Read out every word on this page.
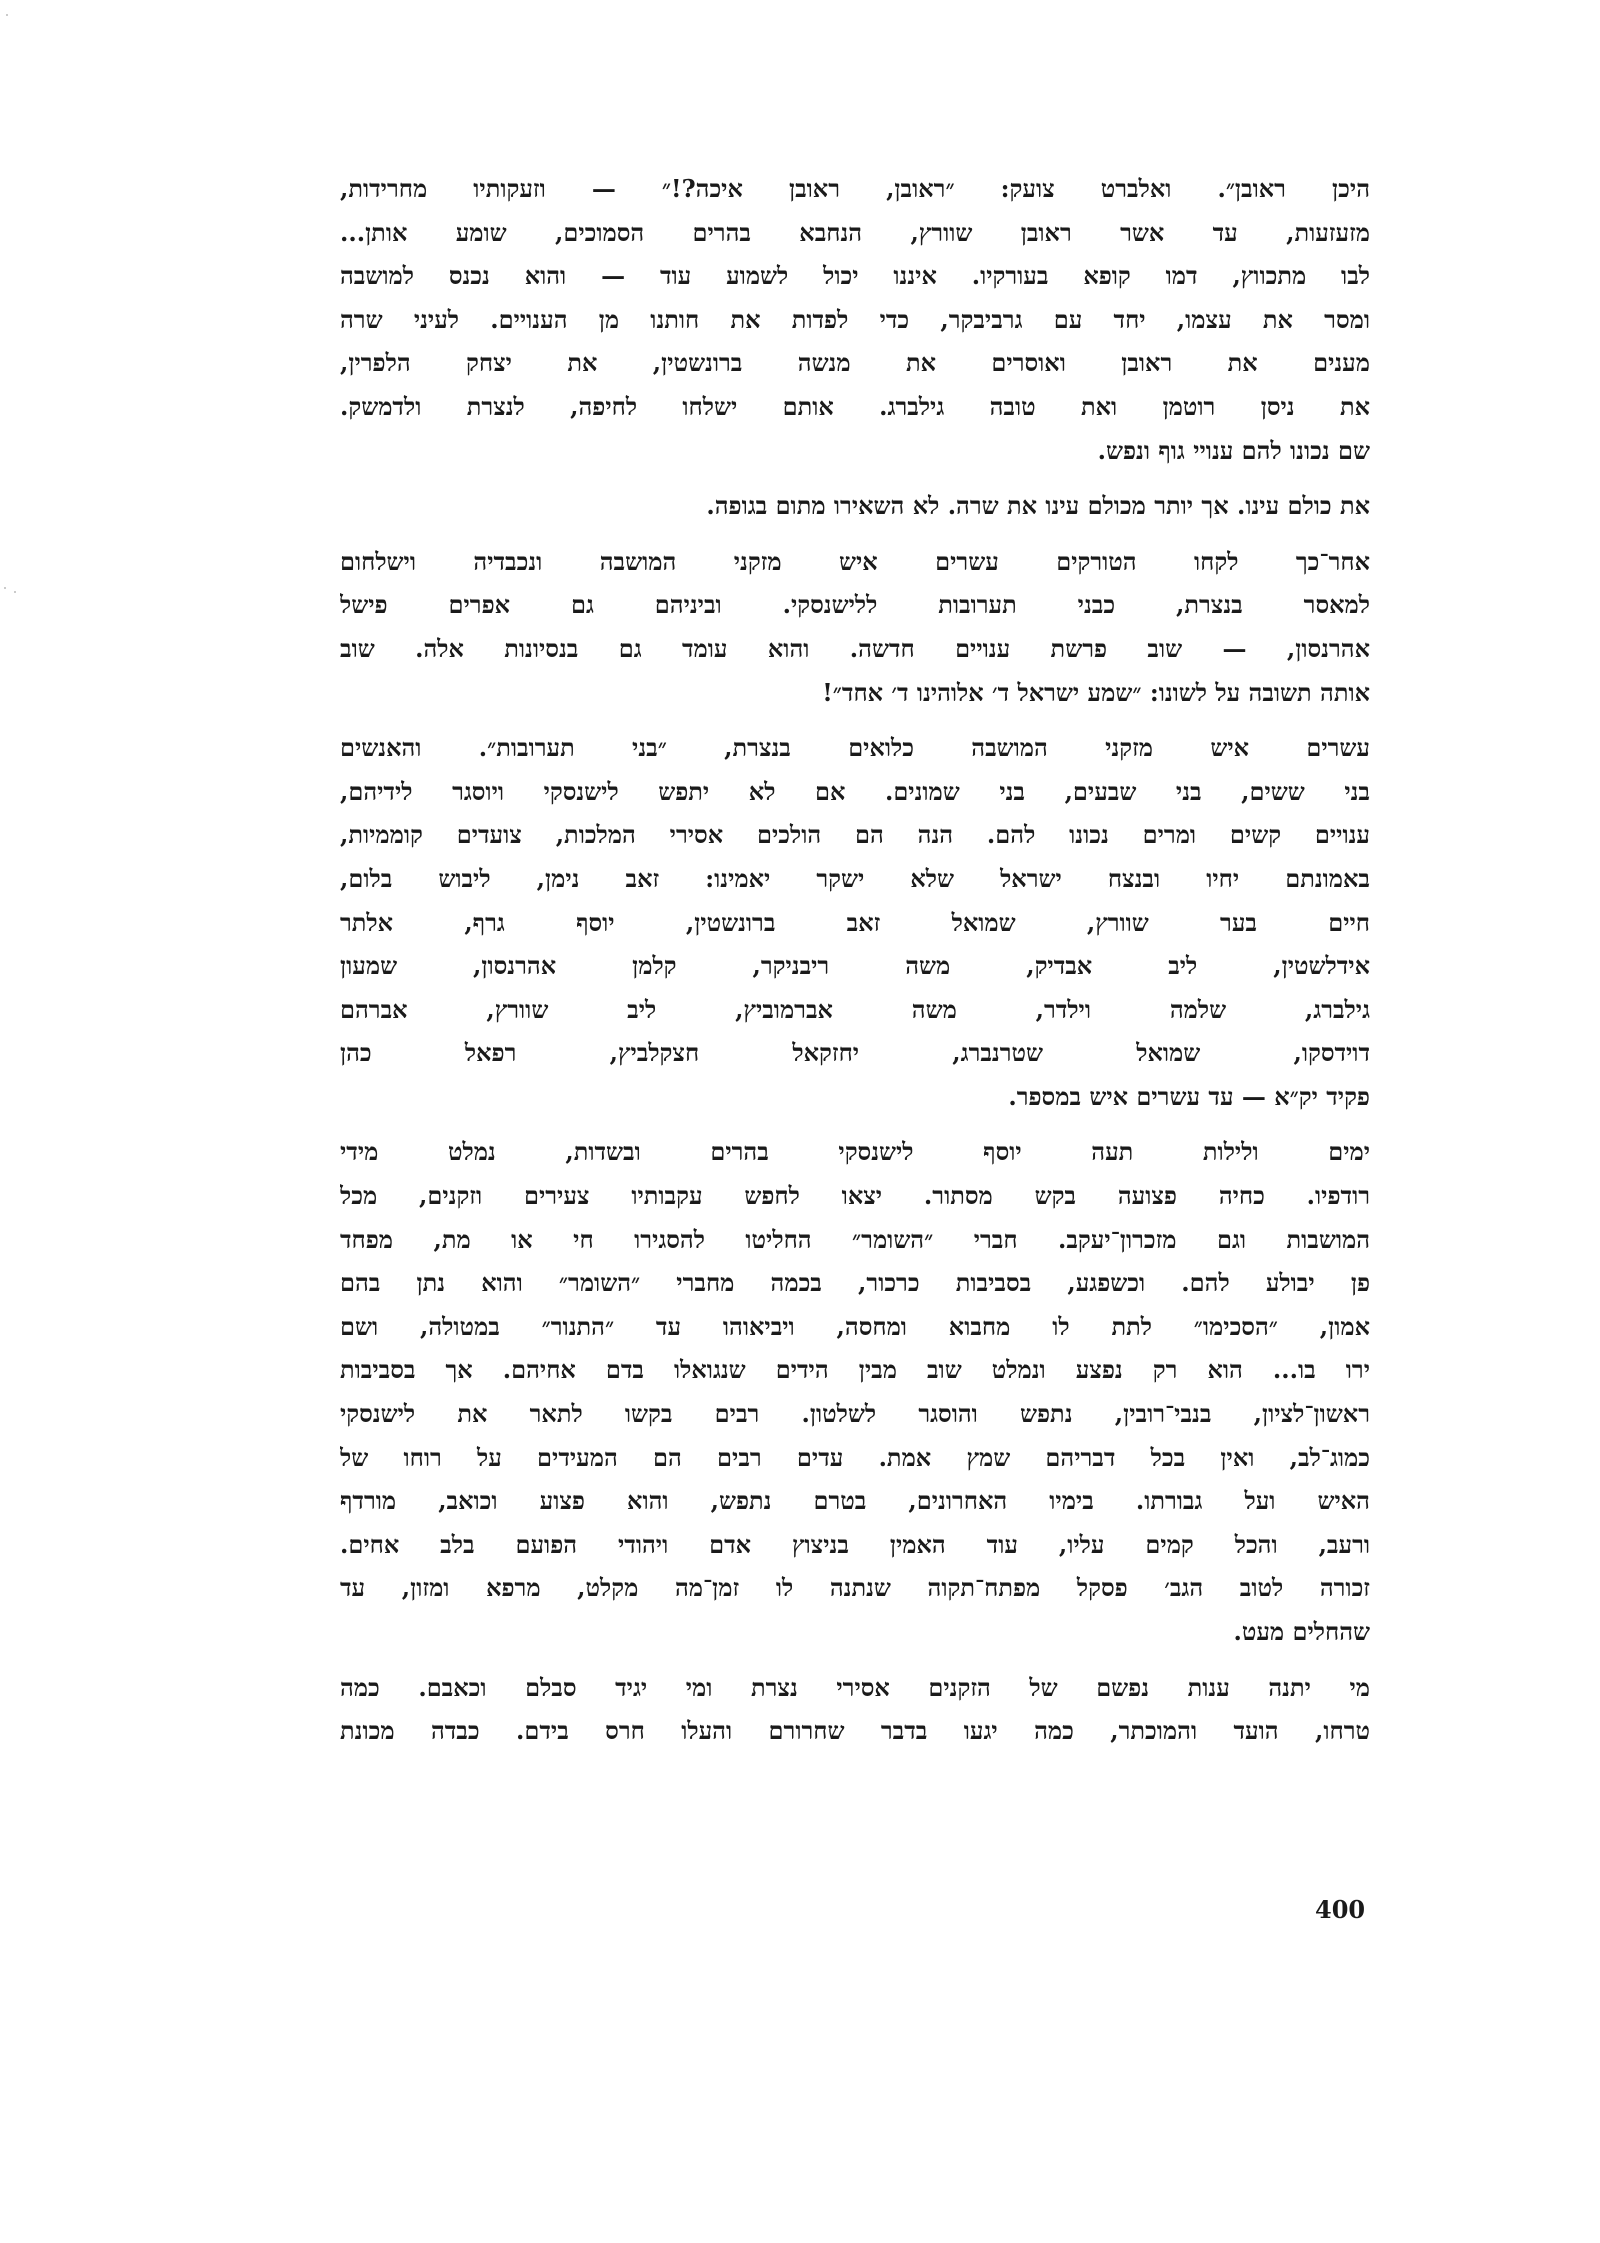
היכן ראובן״. ואלברט צועק: ״ראובן, ראובן איכה?!״ — וזעקותיו מחרידות,
מזעזעות, עד אשר ראובן שוורץ, הנחבא בהרים הסמוכים, שומע אותן...
לבו מתכווץ, דמו קופא בעורקיו. איננו יכול לשמוע עוד — והוא נכנס למושבה
ומסר את עצמו, יחד עם גרביבקר, כדי לפדות את חותנו מן הענויים. לעיני שרה
מענים את ראובן ואוסרים את מנשה ברונשטין, את יצחק הלפרין,
את ניסן רוטמן ואת טובה גילברג. אותם ישלחו לחיפה, לנצרת ולדמשק.
שם נכונו להם ענויי גוף ונפש.
את כולם עינו. אך יותר מכולם עינו את שרה. לא השאירו מתום בגופה.
אחר־כך לקחו הטורקים עשרים איש מזקני המושבה ונכבדיה וישלחום
למאסר בנצרת, כבני תערובות ללישנסקי. וביניהם גם אפרים פישל
אהרנסון, — שוב פרשת ענויים חדשה. והוא עומד גם בנסיונות אלה. שוב
אותה תשובה על לשונו: ״שמע ישראל ד׳ אלוהינו ד׳ אחד״!
עשרים איש מזקני המושבה כלואים בנצרת, ״בני תערובות״. והאנשים
בני ששים, בני שבעים, בני שמונים. אם לא יתפש לישנסקי ויוסגר לידיהם,
ענויים קשים ומרים נכונו להם. הנה הם הולכים אסירי המלכות, צועדים קוממיות,
באמונתם יחיו ובנצח ישראל שלא ישקר יאמינו: זאב נימן, ליבוש בלום,
חיים בער שוורץ, שמואל זאב ברונשטין, יוסף גרף, אלתר
אידלשטין, ליב אבדיק, משה ריבניקר, קלמן אהרנסון, שמעון
גילברג, שלמה וילדר, משה אברמוביץ, ליב שוורץ, אברהם
דוידסקו, שמואל שטרנברג, יחזקאל חצקלביץ, רפאל כהן
פקיד יק״א — עד עשרים איש במספר.
ימים ולילות תעה יוסף לישנסקי בהרים ובשדות, נמלט מידי
רודפיו. כחיה פצועה בקש מסתור. יצאו לחפש עקבותיו צעירים וזקנים, מכל
המושבות וגם מזכרון־יעקב. חברי ״השומר״ החליטו להסגירו חי או מת, מפחד
פן יבולע להם. וכשפגע, בסביבות כרכור, בכמה מחברי ״השומר״ והוא נתן בהם
אמון, ״הסכימו״ לתת לו מחבוא ומחסה, ויביאוהו עד ״התנור״ במטולה, ושם
ירו בו... הוא רק נפצע ונמלט שוב מבין הידים שנגואלו בדם אחיהם. אך בסביבות
ראשון־לציון, בנבי־רובין, נתפש והוסגר לשלטון. רבים בקשו לתאר את לישנסקי
כמוג־לב, ואין בכל דבריהם שמץ אמת. עדים רבים הם המעידים על רוחו של
האיש ועל גבורתו. בימיו האחרונים, בטרם נתפש, והוא פצוע וכואב, מורדף
ורעב, והכל קמים עליו, עוד האמין בניצוץ אדם ויהודי הפועם בלב אחים.
זכורה לטוב הגב׳ פסקל מפתח־תקוה שנתנה לו זמן־מה מקלט, מרפא ומזון, עד
שהחלים מעט.
מי יתנה ענות נפשם של הזקנים אסירי נצרת ומי יגיד סבלם וכאבם. כמה
טרחו, הועד והמוכתר, כמה יגעו בדבר שחרורם והעלו חרס בידם. כבדה מכונת
400
